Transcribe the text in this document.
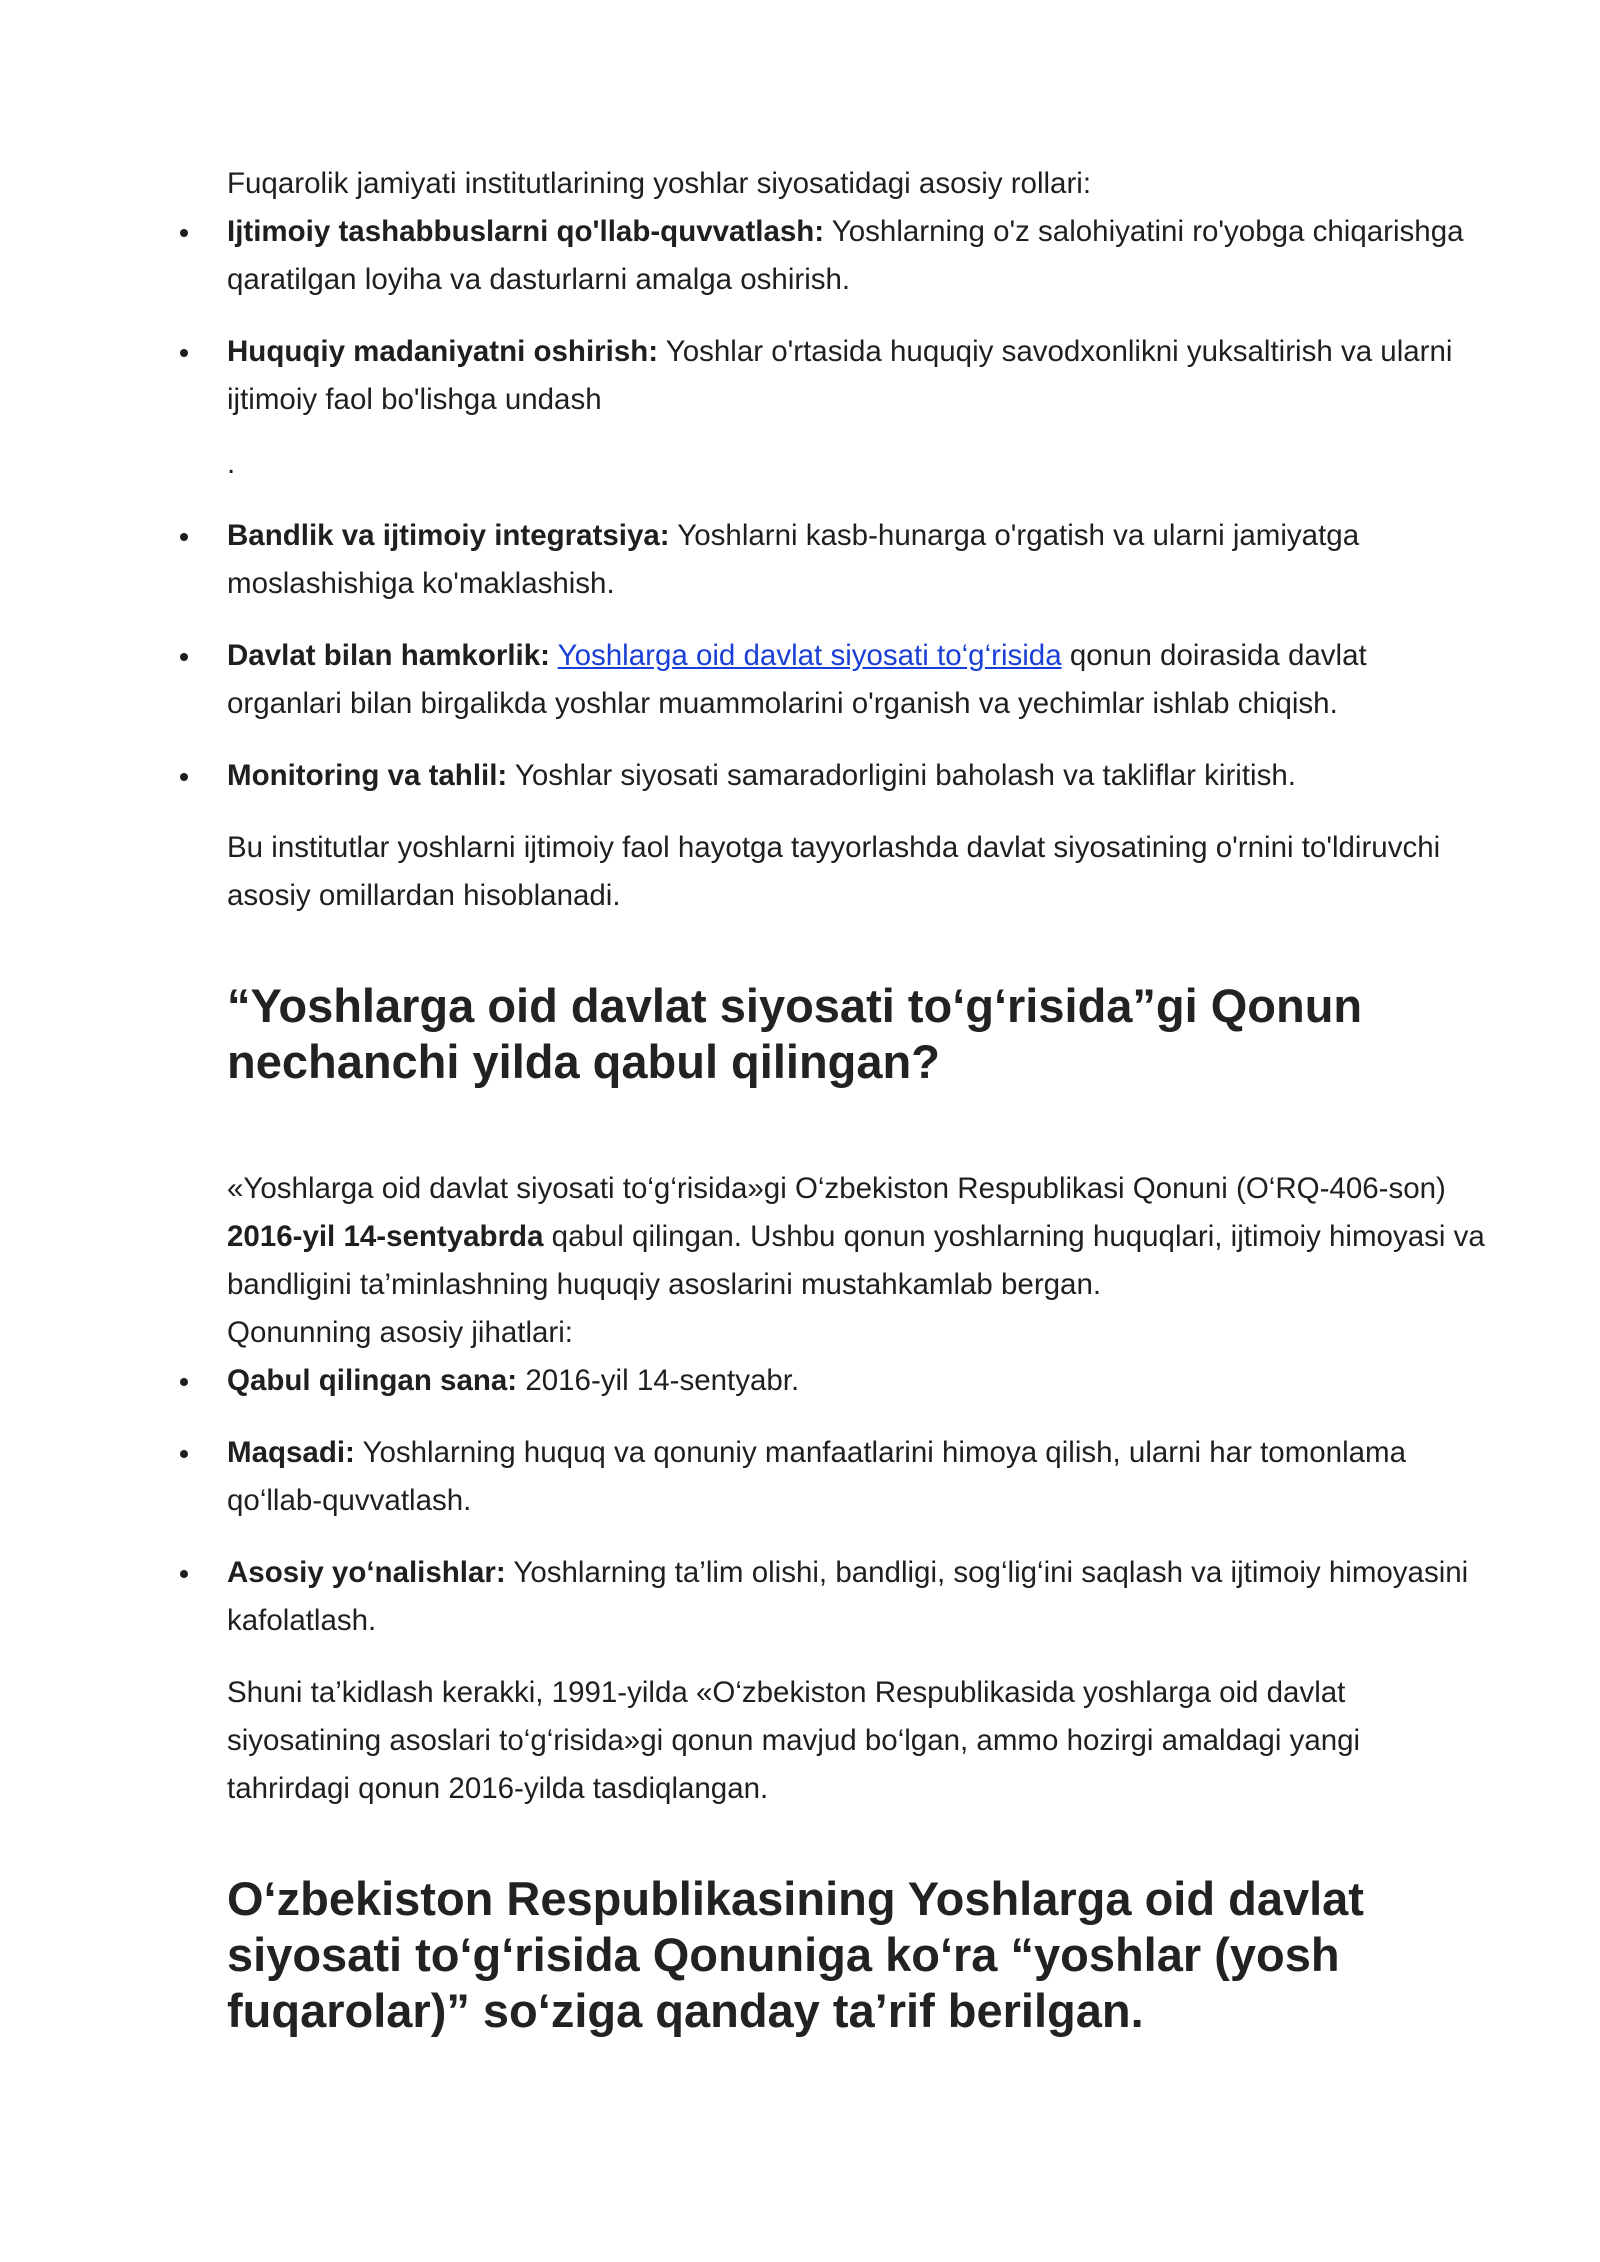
Fuqarolik jamiyati institutlarining yoshlar siyosatidagi asosiy rollari:

Ijtimoiy tashabbuslarni qo'llab-quvvatlash: Yoshlarning o'z salohiyatini ro'yobga chiqarishga qaratilgan loyiha va dasturlarni amalga oshirish.
Huquqiy madaniyatni oshirish: Yoshlar o'rtasida huquqiy savodxonlikni yuksaltirish va ularni ijtimoiy faol bo'lishga undash

.

Bandlik va ijtimoiy integratsiya: Yoshlarni kasb-hunarga o'rgatish va ularni jamiyatga moslashishiga ko'maklashish.
Davlat bilan hamkorlik: Yoshlarga oid davlat siyosati to‘g‘risida qonun doirasida davlat organlari bilan birgalikda yoshlar muammolarini o'rganish va yechimlar ishlab chiqish.
Monitoring va tahlil: Yoshlar siyosati samaradorligini baholash va takliflar kiritish.

Bu institutlar yoshlarni ijtimoiy faol hayotga tayyorlashda davlat siyosatining o'rnini to'ldiruvchi asosiy omillardan hisoblanadi.

“Yoshlarga oid davlat siyosati to‘g‘risida”gi Qonun nechanchi yilda qabul qilingan?

«Yoshlarga oid davlat siyosati to‘g‘risida»gi O‘zbekiston Respublikasi Qonuni (O‘RQ-406-son) 2016-yil 14-sentyabrda qabul qilingan. Ushbu qonun yoshlarning huquqlari, ijtimoiy himoyasi va bandligini ta’minlashning huquqiy asoslarini mustahkamlab bergan.

Qonunning asosiy jihatlari:

Qabul qilingan sana: 2016-yil 14-sentyabr.
Maqsadi: Yoshlarning huquq va qonuniy manfaatlarini himoya qilish, ularni har tomonlama qo‘llab-quvvatlash.
Asosiy yo‘nalishlar: Yoshlarning ta’lim olishi, bandligi, sog‘lig‘ini saqlash va ijtimoiy himoyasini kafolatlash.

Shuni ta’kidlash kerakki, 1991-yilda «O‘zbekiston Respublikasida yoshlarga oid davlat siyosatining asoslari to‘g‘risida»gi qonun mavjud bo‘lgan, ammo hozirgi amaldagi yangi tahrirdagi qonun 2016-yilda tasdiqlangan.

O‘zbekiston Respublikasining Yoshlarga oid davlat siyosati to‘g‘risida Qonuniga ko‘ra “yoshlar (yosh fuqarolar)” so‘ziga qanday ta’rif berilgan.
